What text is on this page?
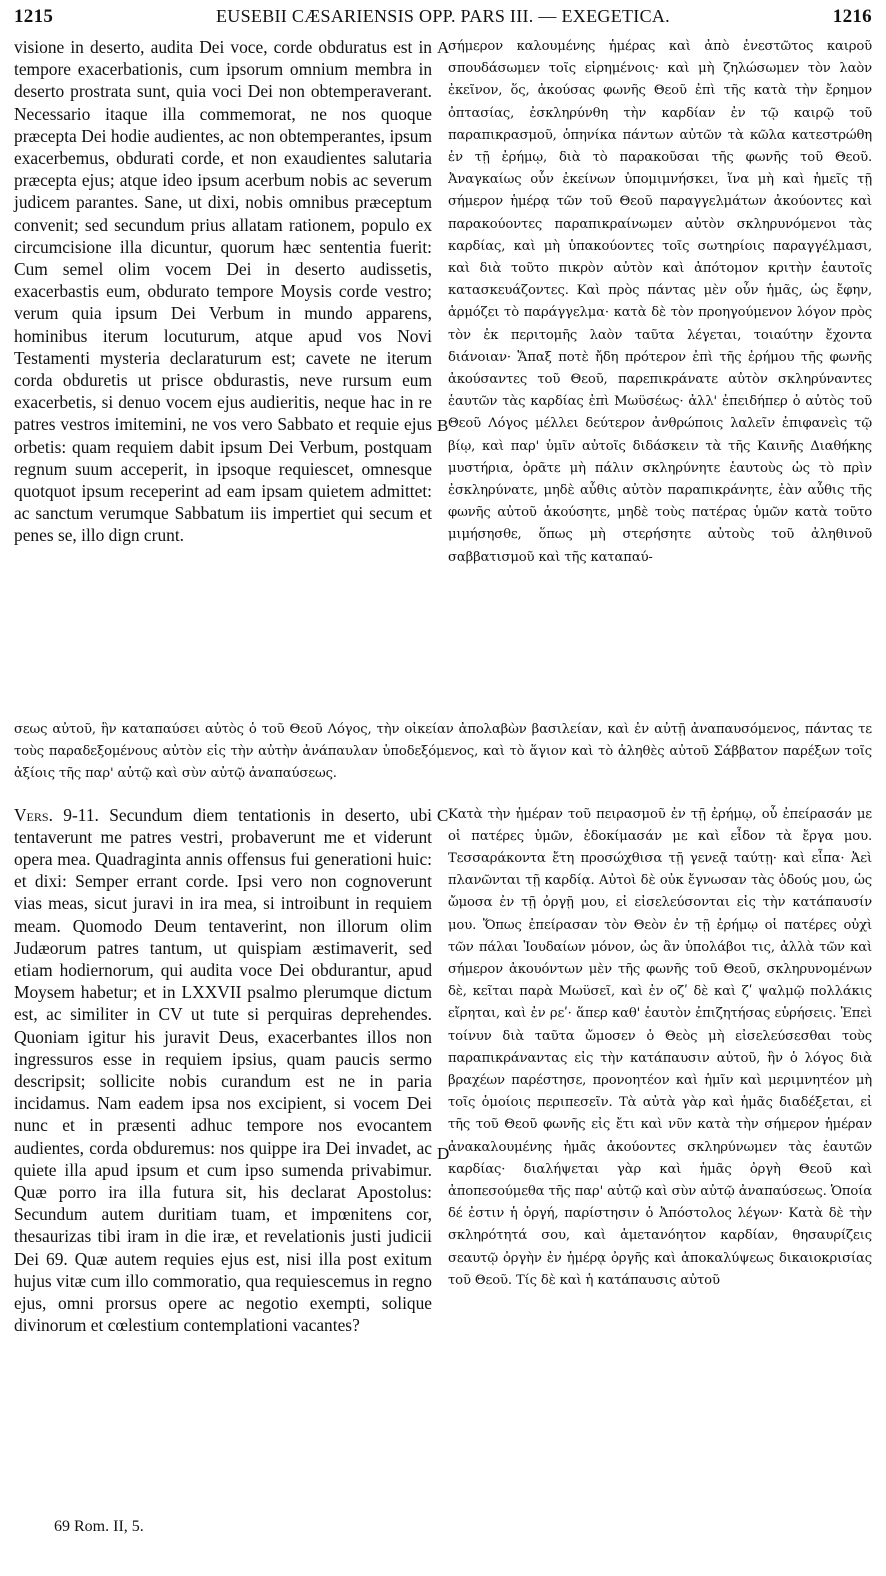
1215	EUSEBII CÆSARIENSIS OPP. PARS III. — EXEGETICA.	1216
visione in deserto, audita Dei voce, corde obduratus est in tempore exacerbationis, cum ipsorum omnium membra in deserto prostrata sunt, quia voci Dei non obtemperaverant. Necessario itaque illa commemorat, ne nos quoque præcepta Dei hodie audientes, ac non obtemperantes, ipsum exacerbemus, obdurati corde, et non exaudientes salutaria præcepta ejus; atque ideo ipsum acerbum nobis ac severum judicem parantes. Sane, ut dixi, nobis omnibus præceptum convenit; sed secundum prius allatam rationem, populo ex circumcisione illa dicuntur, quorum hæc sententia fuerit: Cum semel olim vocem Dei in deserto audissetis, exacerbastis eum, obdurato tempore Moysis corde vestro; verum quia ipsum Dei Verbum in mundo apparens, hominibus iterum locuturum, atque apud vos Novi Testamenti mysteria declaraturum est; cavete ne iterum corda obduretis ut prisce obdurastis, neve rursum eum exacerbetis, si denuo vocem ejus audieritis, neque hac in re patres vestros imitemini, ne vos vero Sabbato et requie ejus orbetis: quam requiem dabit ipsum Dei Verbum, postquam regnum suum acceperit, in ipsoque requiescet, omnesque quotquot ipsum receperint ad eam ipsam quietem admittet: ac sanctum verumque Sabbatum iis impertiet qui secum et penes se, illo dign crunt.
A
B
σήμερον καλουμένης ἡμέρας καὶ ἀπὸ ἐνεστῶτος καιροῦ σπουδάσωμεν τοῖς εἰρημένοις· καὶ μὴ ζηλώσωμεν τὸν λαὸν ἐκεῖνον, ὅς, ἀκούσας φωνῆς Θεοῦ ἐπὶ τῆς κατὰ τὴν ἔρημον ὀπτασίας, ἐσκληρύνθη τὴν καρδίαν ἐν τῷ καιρῷ τοῦ παραπικρασμοῦ, ὁπηνίκα πάντων αὐτῶν τὰ κῶλα κατεστρώθη ἐν τῇ ἐρήμῳ, διὰ τὸ παρακοῦσαι τῆς φωνῆς τοῦ Θεοῦ. Ἀναγκαίως οὖν ἐκείνων ὑπομιμνήσκει, ἵνα μὴ καὶ ἡμεῖς τῇ σήμερον ἡμέρᾳ τῶν τοῦ Θεοῦ παραγγελμάτων ἀκούοντες καὶ παρακούοντες παραπικραίνωμεν αὐτὸν σκληρυνόμενοι τὰς καρδίας, καὶ μὴ ὑπακούοντες τοῖς σωτηρίοις παραγγέλμασι, καὶ διὰ τοῦτο πικρὸν αὐτὸν καὶ ἀπότομον κριτὴν ἑαυτοῖς κατασκευάζοντες. Καὶ πρὸς πάντας μὲν οὖν ἡμᾶς, ὡς ἔφην, ἁρμόζει τὸ παράγγελμα· κατὰ δὲ τὸν προηγούμενον λόγον πρὸς τὸν ἐκ περιτομῆς λαὸν ταῦτα λέγεται, τοιαύτην ἔχοντα διάνοιαν· Ἅπαξ ποτὲ ἤδη πρότερον ἐπὶ τῆς ἐρήμου τῆς φωνῆς ἀκούσαντες τοῦ Θεοῦ, παρεπικράνατε αὐτὸν σκληρύναντες ἑαυτῶν τὰς καρδίας ἐπὶ Μωϋσέως· ἀλλ' ἐπειδήπερ ὁ αὐτὸς τοῦ Θεοῦ Λόγος μέλλει δεύτερον ἀνθρώποις λαλεῖν ἐπιφανεὶς τῷ βίῳ, καὶ παρ' ὑμῖν αὐτοῖς διδάσκειν τὰ τῆς Καινῆς Διαθήκης μυστήρια, ὁρᾶτε μὴ πάλιν σκληρύνητε ἑαυτοὺς ὡς τὸ πρὶν ἐσκληρύνατε, μηδὲ αὖθις αὐτὸν παραπικράνητε, ἐὰν αὖθις τῆς φωνῆς αὐτοῦ ἀκούσητε, μηδὲ τοὺς πατέρας ὑμῶν κατὰ τοῦτο μιμήσησθε, ὅπως μὴ στερήσητε αὐτοὺς τοῦ ἀληθινοῦ σαββατισμοῦ καὶ τῆς καταπαύ-
σεως αὐτοῦ, ἣν καταπαύσει αὐτὸς ὁ τοῦ Θεοῦ Λόγος, τὴν οἰκείαν ἀπολαβὼν βασιλείαν, καὶ ἐν αὐτῇ ἀναπαυσόμενος, πάντας τε τοὺς παραδεξομένους αὐτὸν εἰς τὴν αὐτὴν ἀνάπαυλαν ὑποδεξόμενος, καὶ τὸ ἅγιον καὶ τὸ ἀληθὲς αὐτοῦ Σάββατον παρέξων τοῖς ἀξίοις τῆς παρ' αὐτῷ καὶ σὺν αὐτῷ ἀναπαύσεως.
Vers. 9-11. Secundum diem tentationis in deserto, ubi tentaverunt me patres vestri, probaverunt me et viderunt opera mea. Quadraginta annis offensus fui generationi huic: et dixi: Semper errant corde. Ipsi vero non cognoverunt vias meas, sicut juravi in ira mea, si introibunt in requiem meam. Quomodo Deum tentaverint, non illorum olim Judæorum patres tantum, ut quispiam æstimaverit, sed etiam hodiernorum, qui audita voce Dei obdurantur, apud Moysem habetur; et in LXXVII psalmo plerumque dictum est, ac similiter in CV ut tute si perquiras deprehendes. Quoniam igitur his juravit Deus, exacerbantes illos non ingressuros esse in requiem ipsius, quam paucis sermo descripsit; sollicite nobis curandum est ne in paria incidamus. Nam eadem ipsa nos excipient, si vocem Dei nunc et in præsenti adhuc tempore nos evocantem audientes, corda obduremus: nos quippe ira Dei invadet, ac quiete illa apud ipsum et cum ipso sumenda privabimur. Quæ porro ira illa futura sit, his declarat Apostolus: Secundum autem duritiam tuam, et impœnitens cor, thesaurizas tibi iram in die iræ, et revelationis justi judicii Dei 69. Quæ autem requies ejus est, nisi illa post exitum hujus vitæ cum illo commoratio, qua requiescemus in regno ejus, omni prorsus opere ac negotio exempti, solique divinorum et cœlestium contemplationi vacantes?
C
D
Κατὰ τὴν ἡμέραν τοῦ πειρασμοῦ ἐν τῇ ἐρήμῳ, οὗ ἐπείρασάν με οἱ πατέρες ὑμῶν, ἐδοκίμασάν με καὶ εἶδον τὰ ἔργα μου. Τεσσαράκοντα ἔτη προσώχθισα τῇ γενεᾷ ταύτῃ· καὶ εἶπα· Ἀεὶ πλανῶνται τῇ καρδίᾳ. Αὐτοὶ δὲ οὐκ ἔγνωσαν τὰς ὁδούς μου, ὡς ὤμοσα ἐν τῇ ὀργῇ μου, εἰ εἰσελεύσονται εἰς τὴν κατάπαυσίν μου. Ὅπως ἐπείρασαν τὸν Θεὸν ἐν τῇ ἐρήμῳ οἱ πατέρες οὐχὶ τῶν πάλαι Ἰουδαίων μόνον, ὡς ἂν ὑπολάβοι τις, ἀλλὰ τῶν καὶ σήμερον ἀκουόντων μὲν τῆς φωνῆς τοῦ Θεοῦ, σκληρυνομένων δὲ, κεῖται παρὰ Μωϋσεῖ, καὶ ἐν οζʹ δὲ καὶ ζʹ ψαλμῷ πολλάκις εἴρηται, καὶ ἐν ρεʹ· ἅπερ καθ' ἑαυτὸν ἐπιζητήσας εὑρήσεις. Ἐπεὶ τοίνυν διὰ ταῦτα ὤμοσεν ὁ Θεὸς μὴ εἰσελεύσεσθαι τοὺς παραπικράναντας εἰς τὴν κατάπαυσιν αὐτοῦ, ἣν ὁ λόγος διὰ βραχέων παρέστησε, προνοητέον καὶ ἡμῖν καὶ μεριμνητέον μὴ τοῖς ὁμοίοις περιπεσεῖν. Τὰ αὐτὰ γὰρ καὶ ἡμᾶς διαδέξεται, εἰ τῆς τοῦ Θεοῦ φωνῆς εἰς ἔτι καὶ νῦν κατὰ τὴν σήμερον ἡμέραν ἀνακαλουμένης ἡμᾶς ἀκούοντες σκληρύνωμεν τὰς ἑαυτῶν καρδίας· διαλήψεται γὰρ καὶ ἡμᾶς ὀργὴ Θεοῦ καὶ ἀποπεσούμεθα τῆς παρ' αὐτῷ καὶ σὺν αὐτῷ ἀναπαύσεως. Ὁποία δέ ἐστιν ἡ ὀργή, παρίστησιν ὁ Ἀπόστολος λέγων· Κατὰ δὲ τὴν σκληρότητά σου, καὶ ἀμετανόητον καρδίαν, θησαυρίζεις σεαυτῷ ὀργὴν ἐν ἡμέρᾳ ὀργῆς καὶ ἀποκαλύψεως δικαιοκρισίας τοῦ Θεοῦ. Τίς δὲ καὶ ἡ κατάπαυσις αὐτοῦ
69 Rom. II, 5.
